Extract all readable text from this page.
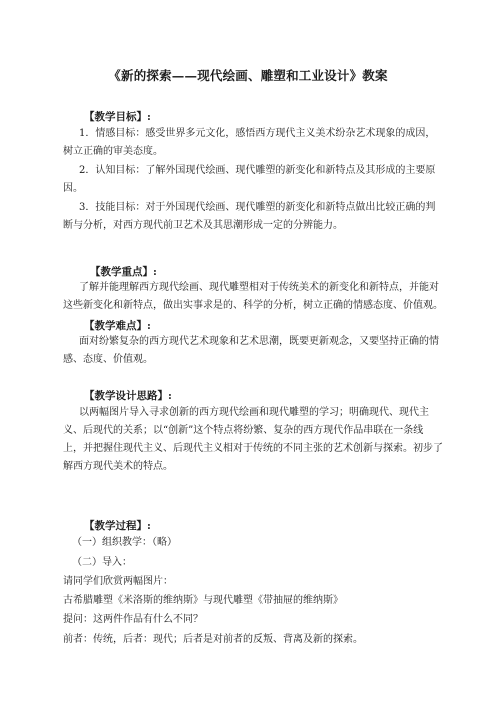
《新的探索——现代绘画、雕塑和工业设计》教案
【教学目标】:
1．情感目标：感受世界多元文化，感悟西方现代主义美术纷杂艺术现象的成因，树立正确的审美态度。
2．认知目标：了解外国现代绘画、现代雕塑的新变化和新特点及其形成的主要原因。
3．技能目标：对于外国现代绘画、现代雕塑的新变化和新特点做出比较正确的判断与分析，对西方现代前卫艺术及其思潮形成一定的分辨能力。
【教学重点】:
了解并能理解西方现代绘画、现代雕塑相对于传统美术的新变化和新特点，并能对这些新变化和新特点，做出实事求是的、科学的分析，树立正确的情感态度、价值观。
【教学难点】:
面对纷繁复杂的西方现代艺术现象和艺术思潮，既要更新观念，又要坚持正确的情感、态度、价值观。
【教学设计思路】:
以两幅图片导入寻求创新的西方现代绘画和现代雕塑的学习；明确现代、现代主义、后现代的关系；以“创新”这个特点将纷繁、复杂的西方现代作品串联在一条线上，并把握住现代主义、后现代主义相对于传统的不同主张的艺术创新与探索。初步了解西方现代美术的特点。
【教学过程】:
（一）组织教学：（略）
（二）导入：
请同学们欣赏两幅图片：
古希腊雕塑《米洛斯的维纳斯》与现代雕塑《带抽屉的维纳斯》
提问：这两件作品有什么不同？
前者：传统，后者：现代；后者是对前者的反叛、背离及新的探索。
